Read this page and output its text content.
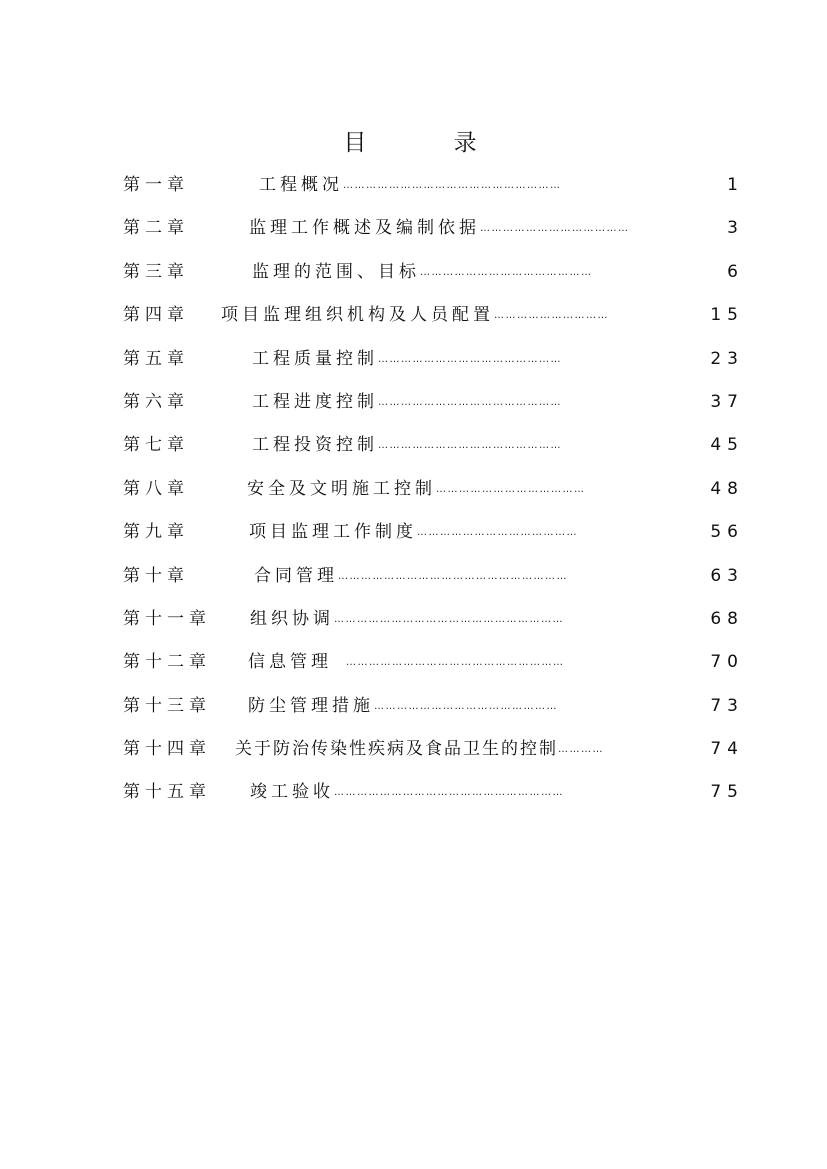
目 录
第一章	工程概况…………………………………………………	1
第二章	监理工作概述及编制依据…………………………………	3
第三章	监理的范围、目标………………………………………	6
第四章 项目监理组织机构及人员配置…………………………	15
第五章	工程质量控制…………………………………………	23
第六章	工程进度控制…………………………………………	37
第七章	工程投资控制…………………………………………	45
第八章	安全及文明施工控制…………………………………	48
第九章	项目监理工作制度……………………………………	56
第十章	合同管理……………………………………………………	63
第十一章 组织协调……………………………………………………	68
第十二章 信息管理 …………………………………………………	70
第十三章 防尘管理措施…………………………………………	73
第十四章 关于防治传染性疾病及食品卫生的控制…………	74
第十五章 竣工验收……………………………………………………	75
